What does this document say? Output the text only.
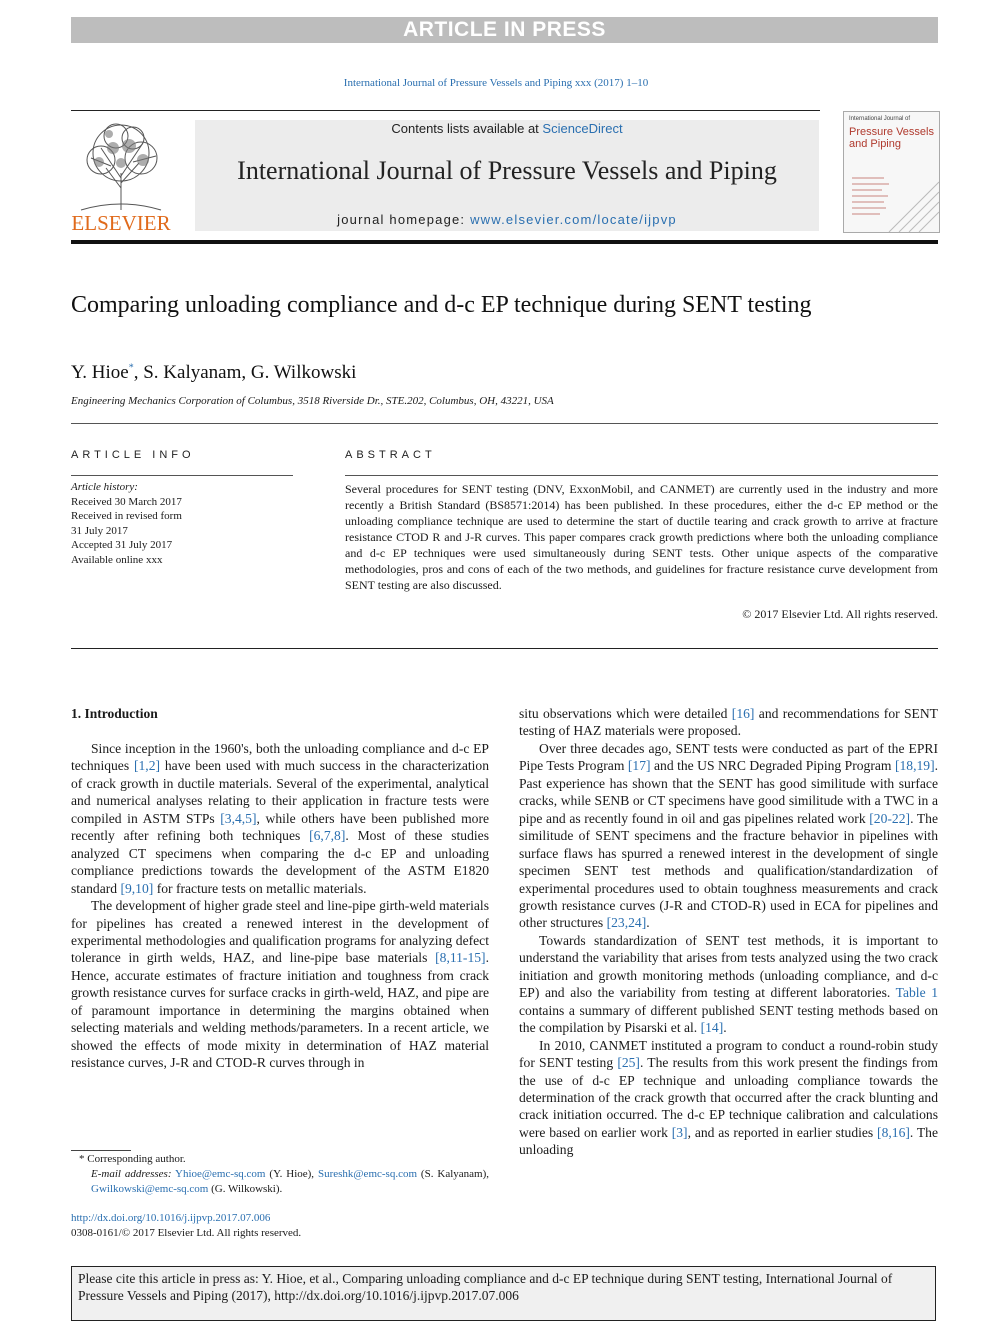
ARTICLE IN PRESS
International Journal of Pressure Vessels and Piping xxx (2017) 1–10
ELSEVIER
Contents lists available at ScienceDirect
International Journal of Pressure Vessels and Piping
journal homepage: www.elsevier.com/locate/ijpvp
International Journal of
Pressure Vessels and Piping
Comparing unloading compliance and d-c EP technique during SENT testing
Y. Hioe*, S. Kalyanam, G. Wilkowski
Engineering Mechanics Corporation of Columbus, 3518 Riverside Dr., STE.202, Columbus, OH, 43221, USA
ARTICLE INFO
Article history:
Received 30 March 2017
Received in revised form
31 July 2017
Accepted 31 July 2017
Available online xxx
ABSTRACT
Several procedures for SENT testing (DNV, ExxonMobil, and CANMET) are currently used in the industry and more recently a British Standard (BS8571:2014) has been published. In these procedures, either the d-c EP method or the unloading compliance technique are used to determine the start of ductile tearing and crack growth to arrive at fracture resistance CTOD R and J-R curves. This paper compares crack growth predictions where both the unloading compliance and d-c EP techniques were used simultaneously during SENT tests. Other unique aspects of the comparative methodologies, pros and cons of each of the two methods, and guidelines for fracture resistance curve development from SENT testing are also discussed.
© 2017 Elsevier Ltd. All rights reserved.
1. Introduction

Since inception in the 1960's, both the unloading compliance and d-c EP techniques [1,2] have been used with much success in the characterization of crack growth in ductile materials. Several of the experimental, analytical and numerical analyses relating to their application in fracture tests were compiled in ASTM STPs [3,4,5], while others have been published more recently after refining both techniques [6,7,8]. Most of these studies analyzed CT specimens when comparing the d-c EP and unloading compliance predictions towards the development of the ASTM E1820 standard [9,10] for fracture tests on metallic materials.

The development of higher grade steel and line-pipe girth-weld materials for pipelines has created a renewed interest in the development of experimental methodologies and qualification programs for analyzing defect tolerance in girth welds, HAZ, and line-pipe base materials [8,11-15]. Hence, accurate estimates of fracture initiation and toughness from crack growth resistance curves for surface cracks in girth-weld, HAZ, and pipe are of paramount importance in determining the margins obtained when selecting materials and welding methods/parameters. In a recent article, we showed the effects of mode mixity in determination of HAZ material resistance curves, J-R and CTOD-R curves through in

situ observations which were detailed [16] and recommendations for SENT testing of HAZ materials were proposed.

Over three decades ago, SENT tests were conducted as part of the EPRI Pipe Tests Program [17] and the US NRC Degraded Piping Program [18,19]. Past experience has shown that the SENT has good similitude with surface cracks, while SENB or CT specimens have good similitude with a TWC in a pipe and as recently found in oil and gas pipelines related work [20-22]. The similitude of SENT specimens and the fracture behavior in pipelines with surface flaws has spurred a renewed interest in the development of single specimen SENT test methods and qualification/standardization of experimental procedures used to obtain toughness measurements and crack growth resistance curves (J-R and CTOD-R) used in ECA for pipelines and other structures [23,24].

Towards standardization of SENT test methods, it is important to understand the variability that arises from tests analyzed using the two crack initiation and growth monitoring methods (unloading compliance, and d-c EP) and also the variability from testing at different laboratories. Table 1 contains a summary of different published SENT testing methods based on the compilation by Pisarski et al. [14].

In 2010, CANMET instituted a program to conduct a round-robin study for SENT testing [25]. The results from this work present the findings from the use of d-c EP technique and unloading compliance towards the determination of the crack growth that occurred after the crack blunting and crack initiation occurred. The d-c EP technique calibration and calculations were based on earlier work [3], and as reported in earlier studies [8,16]. The unloading

* Corresponding author.
E-mail addresses: Yhioe@emc-sq.com (Y. Hioe), Sureshk@emc-sq.com (S. Kalyanam), Gwilkowski@emc-sq.com (G. Wilkowski).
http://dx.doi.org/10.1016/j.ijpvp.2017.07.006
0308-0161/© 2017 Elsevier Ltd. All rights reserved.
Please cite this article in press as: Y. Hioe, et al., Comparing unloading compliance and d-c EP technique during SENT testing, International Journal of Pressure Vessels and Piping (2017), http://dx.doi.org/10.1016/j.ijpvp.2017.07.006
